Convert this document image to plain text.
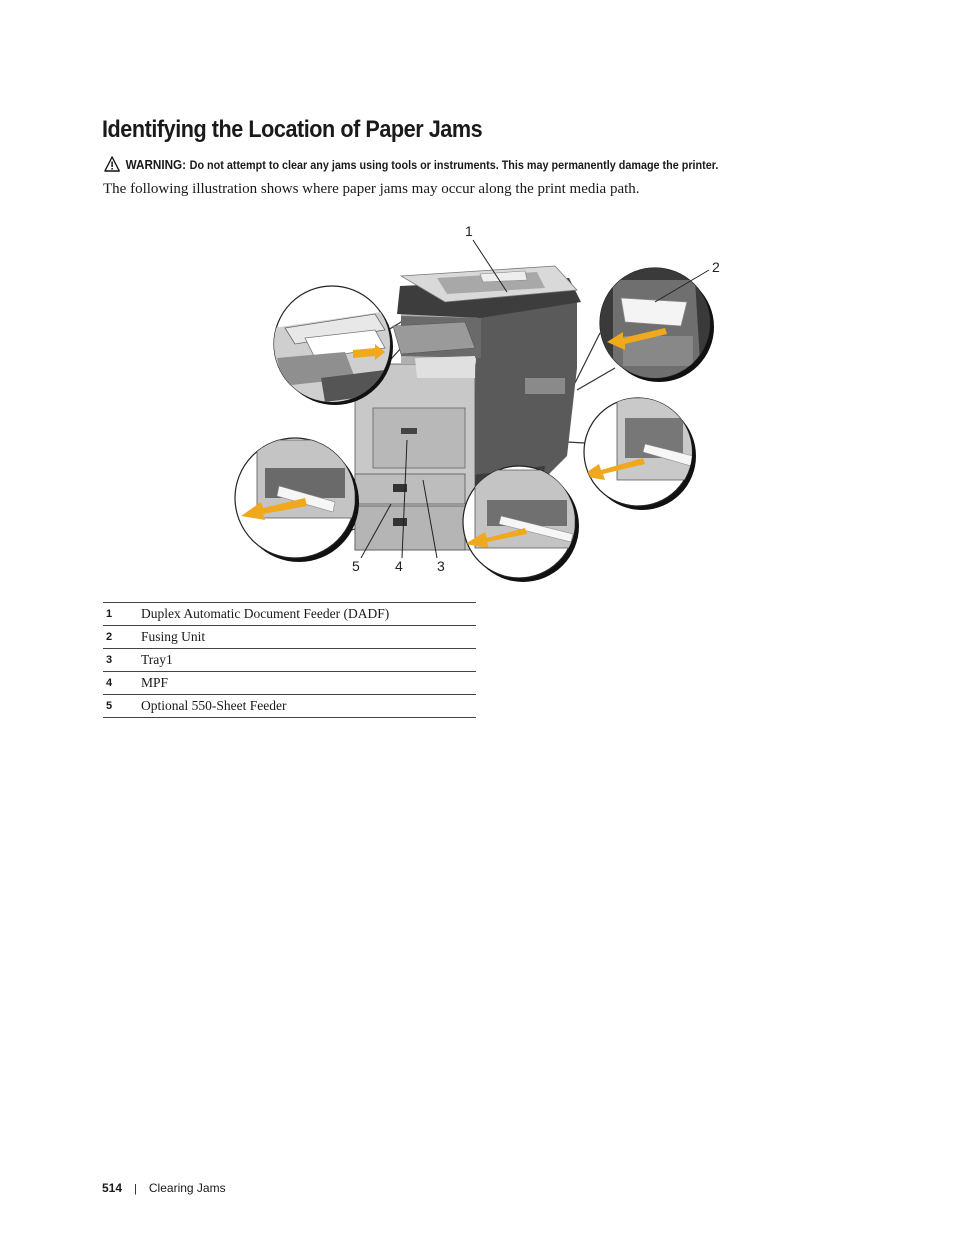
Identifying the Location of Paper Jams
WARNING: Do not attempt to clear any jams using tools or instruments. This may permanently damage the printer.

The following illustration shows where paper jams may occur along the print media path.

1
2
3
4
5
1	Duplex Automatic Document Feeder (DADF)
2	Fusing Unit
3	Tray1
4	MPF
5	Optional 550-Sheet Feeder
514 | Clearing Jams
